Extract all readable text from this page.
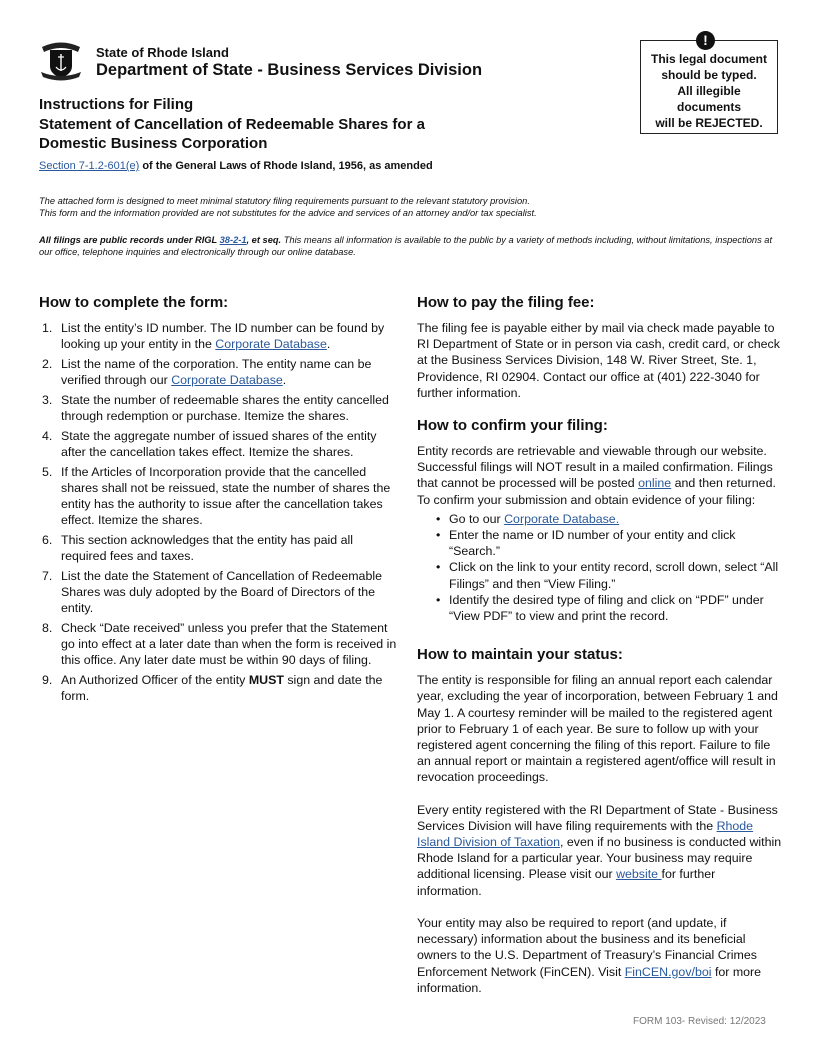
State of Rhode Island
Department of State - Business Services Division
This legal document
should be typed.
All illegible
documents
will be REJECTED.
!
Instructions for Filing
Statement of Cancellation of Redeemable Shares for a
Domestic Business Corporation
Section 7-1.2-601(e) of the General Laws of Rhode Island, 1956, as amended
The attached form is designed to meet minimal statutory filing requirements pursuant to the relevant statutory provision.
This form and the information provided are not substitutes for the advice and services of an attorney and/or tax specialist.
All filings are public records under RIGL 38-2-1, et seq. This means all information is available to the public by a variety of methods including, without limitations, inspections at our office, telephone inquiries and electronically through our online database.
How to complete the form:
1. List the entity’s ID number. The ID number can be found by looking up your entity in the Corporate Database.
2. List the name of the corporation. The entity name can be verified through our Corporate Database.
3. State the number of redeemable shares the entity cancelled through redemption or purchase. Itemize the shares.
4. State the aggregate number of issued shares of the entity after the cancellation takes effect. Itemize the shares.
5. If the Articles of Incorporation provide that the cancelled shares shall not be reissued, state the number of shares the entity has the authority to issue after the cancellation takes effect. Itemize the shares.
6. This section acknowledges that the entity has paid all required fees and taxes.
7. List the date the Statement of Cancellation of Redeemable Shares was duly adopted by the Board of Directors of the entity.
8. Check “Date received” unless you prefer that the Statement go into effect at a later date than when the form is received in this office. Any later date must be within 90 days of filing.
9. An Authorized Officer of the entity MUST sign and date the form.
How to pay the filing fee:

The filing fee is payable either by mail via check made payable to RI Department of State or in person via cash, credit card, or check at the Business Services Division, 148 W. River Street, Ste. 1, Providence, RI 02904. Contact our office at (401) 222-3040 for further information.

How to confirm your filing:

Entity records are retrievable and viewable through our website. Successful filings will NOT result in a mailed confirmation. Filings that cannot be processed will be posted online and then returned. To confirm your submission and obtain evidence of your filing:

• Go to our Corporate Database.
• Enter the name or ID number of your entity and click “Search.”
• Click on the link to your entity record, scroll down, select “All Filings” and then “View Filing.”
• Identify the desired type of filing and click on “PDF” under “View PDF” to view and print the record.
How to maintain your status:

The entity is responsible for filing an annual report each calendar year, excluding the year of incorporation, between February 1 and May 1. A courtesy reminder will be mailed to the registered agent prior to February 1 of each year. Be sure to follow up with your registered agent concerning the filing of this report. Failure to file an annual report or maintain a registered agent/office will result in revocation proceedings.

Every entity registered with the RI Department of State - Business Services Division will have filing requirements with the Rhode Island Division of Taxation, even if no business is conducted within Rhode Island for a particular year. Your business may require additional licensing. Please visit our website for further information.

Your entity may also be required to report (and update, if necessary) information about the business and its beneficial owners to the U.S. Department of Treasury’s Financial Crimes Enforcement Network (FinCEN). Visit FinCEN.gov/boi for more information.

FORM 103- Revised: 12/2023
